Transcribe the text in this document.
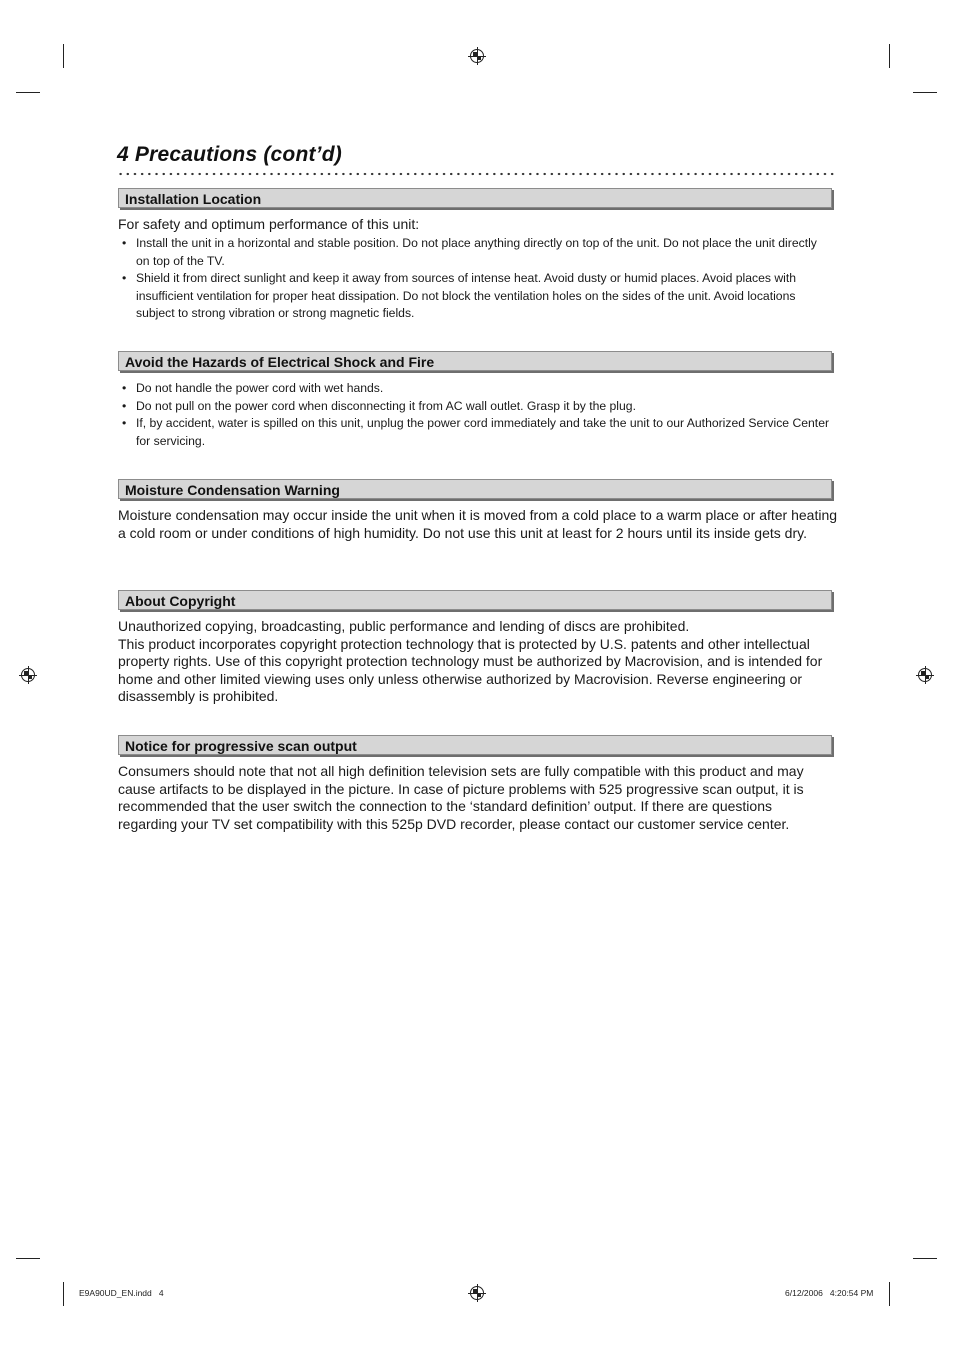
4 Precautions (cont’d)
Installation Location
For safety and optimum performance of this unit:
• Install the unit in a horizontal and stable position. Do not place anything directly on top of the unit. Do not place the unit directly on top of the TV.
• Shield it from direct sunlight and keep it away from sources of intense heat. Avoid dusty or humid places. Avoid places with insufficient ventilation for proper heat dissipation. Do not block the ventilation holes on the sides of the unit. Avoid locations subject to strong vibration or strong magnetic fields.
Avoid the Hazards of Electrical Shock and Fire
• Do not handle the power cord with wet hands.
• Do not pull on the power cord when disconnecting it from AC wall outlet. Grasp it by the plug.
• If, by accident, water is spilled on this unit, unplug the power cord immediately and take the unit to our Authorized Service Center for servicing.
Moisture Condensation Warning
Moisture condensation may occur inside the unit when it is moved from a cold place to a warm place or after heating a cold room or under conditions of high humidity. Do not use this unit at least for 2 hours until its inside gets dry.
About Copyright

Unauthorized copying, broadcasting, public performance and lending of discs are prohibited.

This product incorporates copyright protection technology that is protected by U.S. patents and other intellectual property rights. Use of this copyright protection technology must be authorized by Macrovision, and is intended for home and other limited viewing uses only unless otherwise authorized by Macrovision. Reverse engineering or disassembly is prohibited.

Notice for progressive scan output
Consumers should note that not all high definition television sets are fully compatible with this product and may cause artifacts to be displayed in the picture. In case of picture problems with 525 progressive scan output, it is recommended that the user switch the connection to the ‘standard definition’ output. If there are questions regarding your TV set compatibility with this 525p DVD recorder, please contact our customer service center.
E9A90UD_EN.indd   4	6/12/2006   4:20:54 PM
